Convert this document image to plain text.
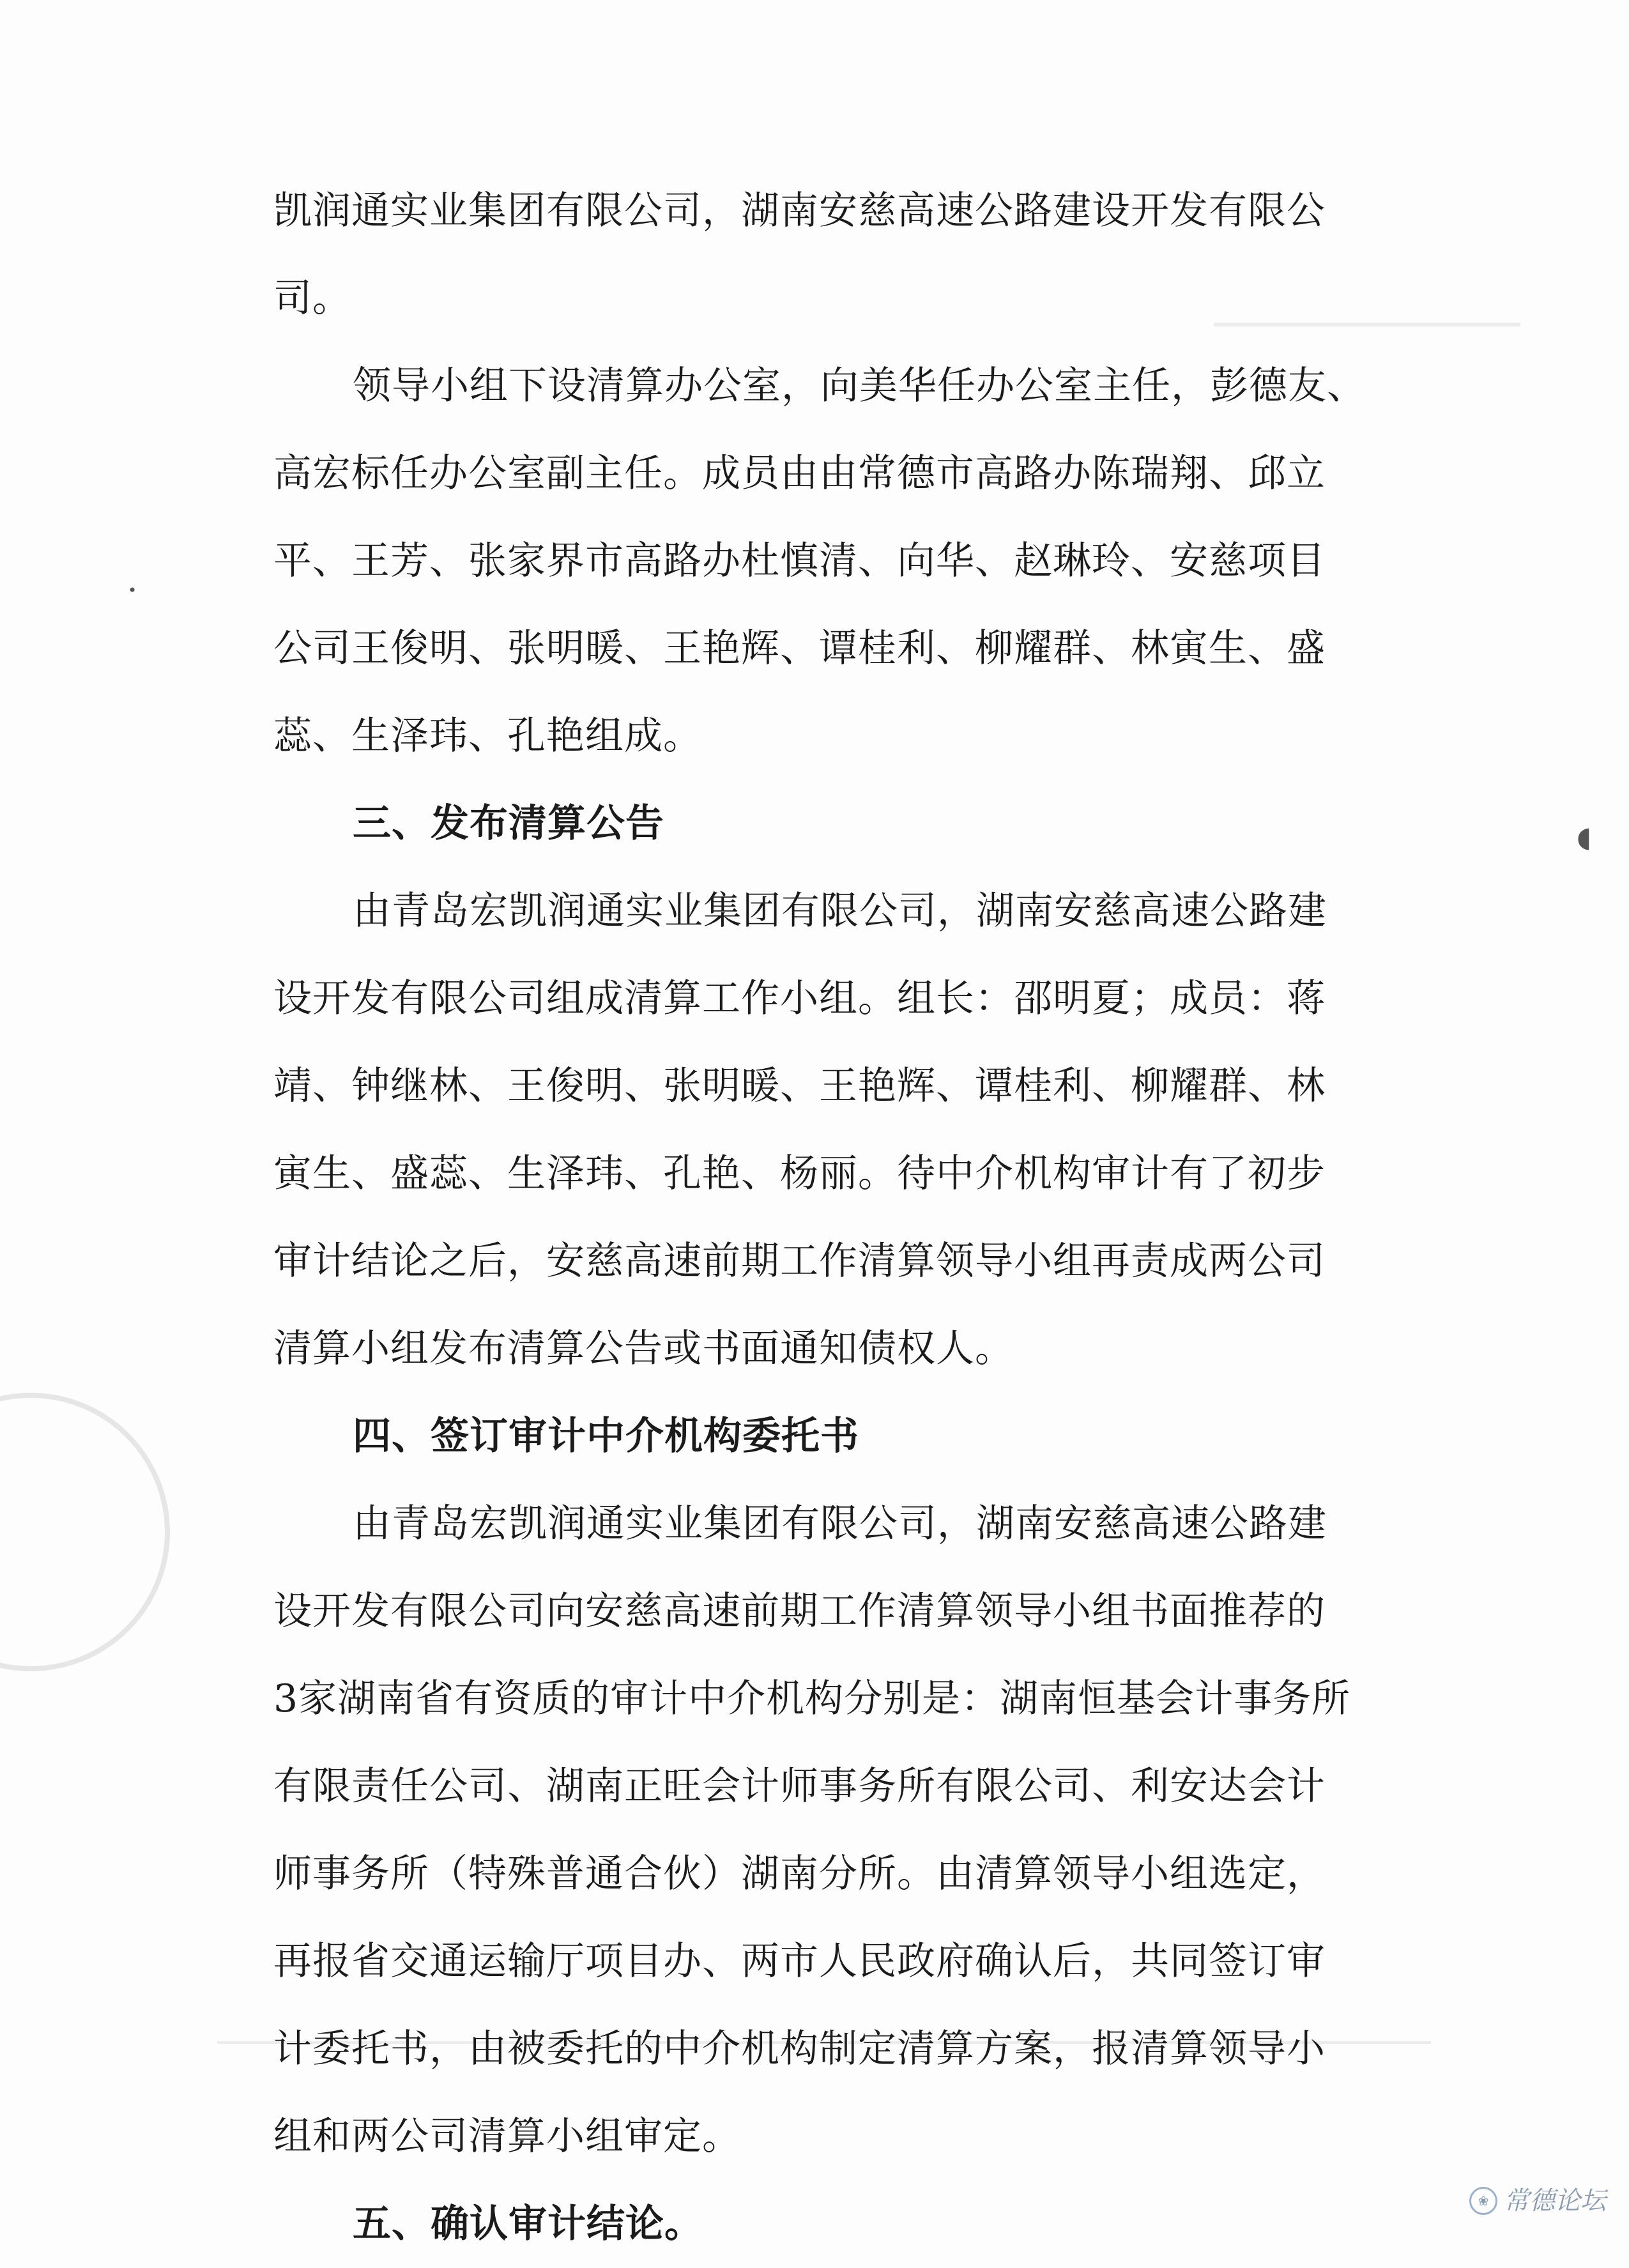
◖
•
凯润通实业集团有限公司，湖南安慈高速公路建设开发有限公
司。
领导小组下设清算办公室，向美华任办公室主任，彭德友、
高宏标任办公室副主任。成员由由常德市高路办陈瑞翔、邱立
平、王芳、张家界市高路办杜慎清、向华、赵琳玲、安慈项目
公司王俊明、张明暖、王艳辉、谭桂利、柳耀群、林寅生、盛
蕊、生泽玮、孔艳组成。
三、发布清算公告
由青岛宏凯润通实业集团有限公司，湖南安慈高速公路建
设开发有限公司组成清算工作小组。组长：邵明夏；成员：蒋
靖、钟继林、王俊明、张明暖、王艳辉、谭桂利、柳耀群、林
寅生、盛蕊、生泽玮、孔艳、杨丽。待中介机构审计有了初步
审计结论之后，安慈高速前期工作清算领导小组再责成两公司
清算小组发布清算公告或书面通知债权人。
四、签订审计中介机构委托书
由青岛宏凯润通实业集团有限公司，湖南安慈高速公路建
设开发有限公司向安慈高速前期工作清算领导小组书面推荐的
3家湖南省有资质的审计中介机构分别是：湖南恒基会计事务所
有限责任公司、湖南正旺会计师事务所有限公司、利安达会计
师事务所（特殊普通合伙）湖南分所。由清算领导小组选定，
再报省交通运输厅项目办、两市人民政府确认后，共同签订审
计委托书，由被委托的中介机构制定清算方案，报清算领导小
组和两公司清算小组审定。
五、确认审计结论。
❀ 常德论坛
